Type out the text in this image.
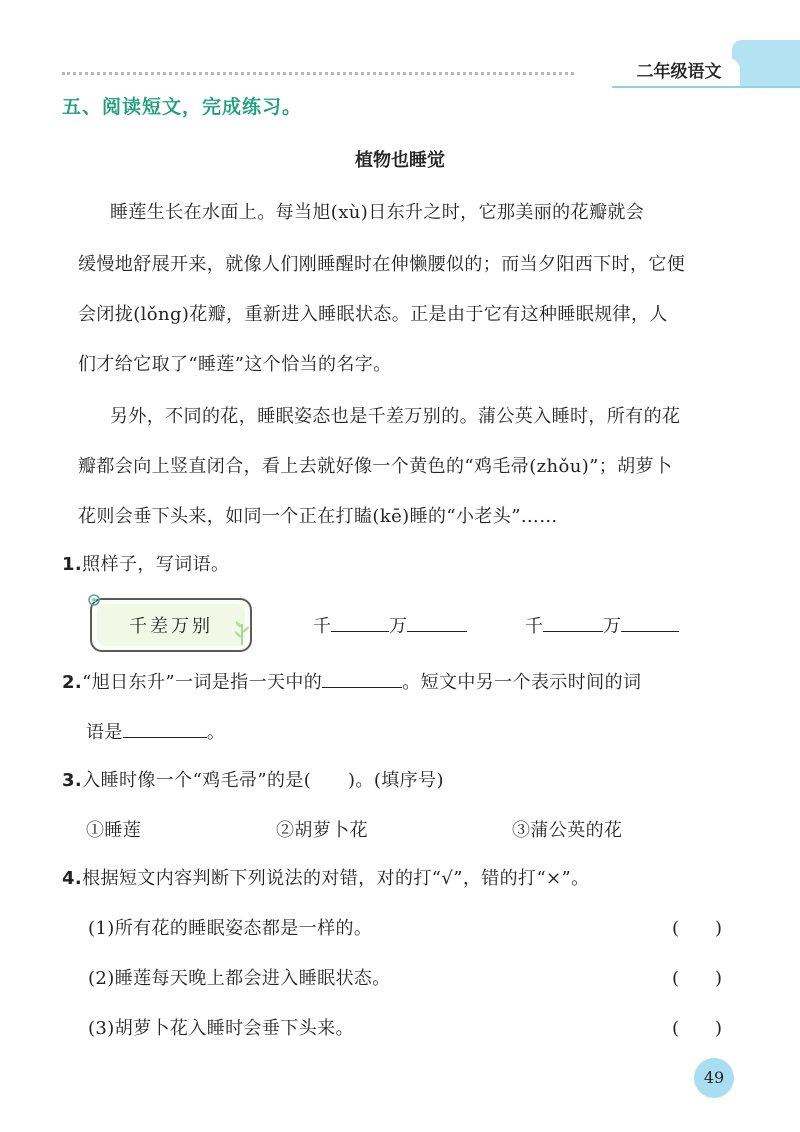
二年级语文
五、阅读短文，完成练习。
植物也睡觉
睡莲生长在水面上。每当旭(xù)日东升之时，它那美丽的花瓣就会
缓慢地舒展开来，就像人们刚睡醒时在伸懒腰似的；而当夕阳西下时，它便
会闭拢(lǒng)花瓣，重新进入睡眠状态。正是由于它有这种睡眠规律，人
们才给它取了“睡莲”这个恰当的名字。
另外，不同的花，睡眠姿态也是千差万别的。蒲公英入睡时，所有的花
瓣都会向上竖直闭合，看上去就好像一个黄色的“鸡毛帚(zhǒu)”；胡萝卜
花则会垂下头来，如同一个正在打瞌(kē)睡的“小老头”……
1.照样子，写词语。
千差万别	千	万	千	万
2.“旭日东升”一词是指一天中的	。短文中另一个表示时间的词
语是	。
3.入睡时像一个“鸡毛帚”的是(　　)。(填序号)
①睡莲	②胡萝卜花	③蒲公英的花
4.根据短文内容判断下列说法的对错，对的打“√”，错的打“×”。
(1)所有花的睡眠姿态都是一样的。	(　　)
(2)睡莲每天晚上都会进入睡眠状态。	(　　)
(3)胡萝卜花入睡时会垂下头来。	(　　)
49
